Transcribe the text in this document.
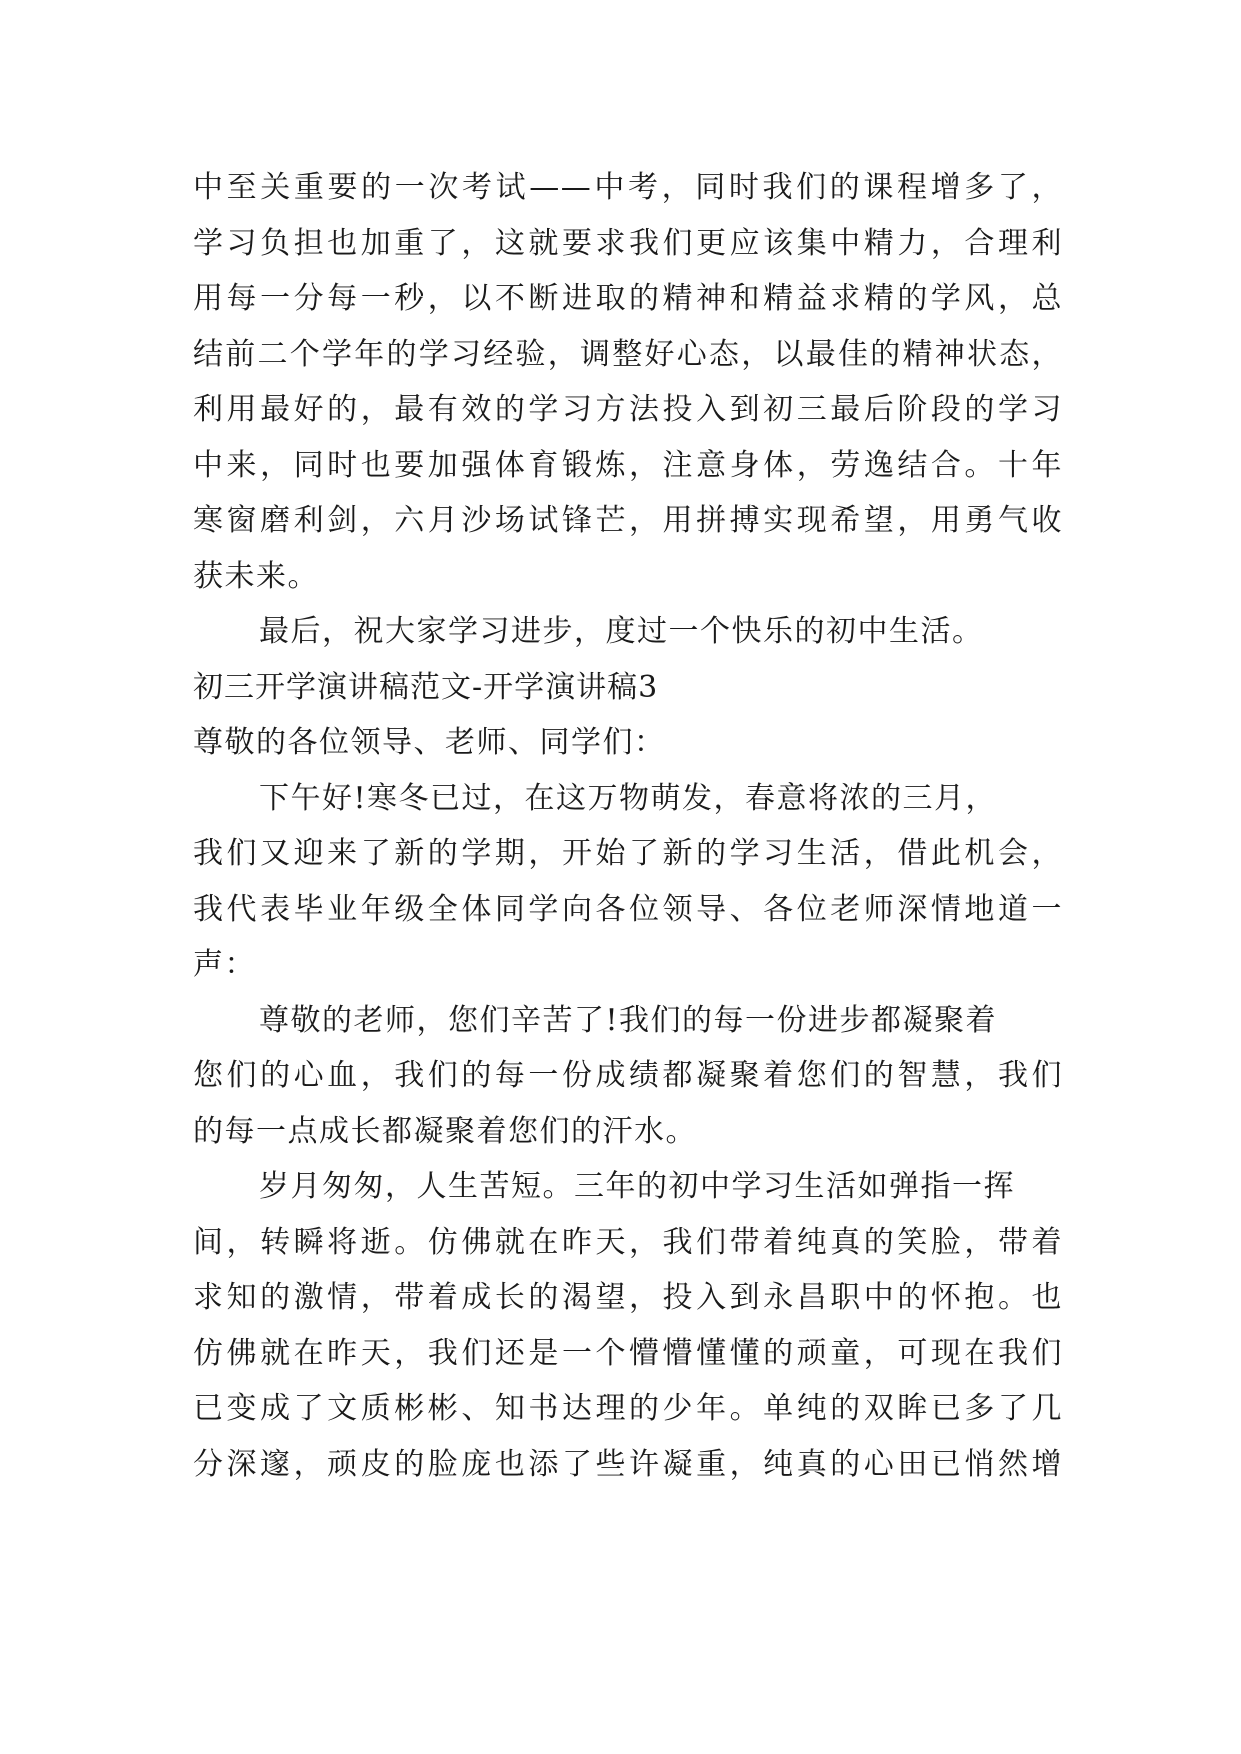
中至关重要的一次考试——中考，同时我们的课程增多了，
学习负担也加重了，这就要求我们更应该集中精力，合理利
用每一分每一秒，以不断进取的精神和精益求精的学风，总
结前二个学年的学习经验，调整好心态，以最佳的精神状态，
利用最好的，最有效的学习方法投入到初三最后阶段的学习
中来，同时也要加强体育锻炼，注意身体，劳逸结合。十年
寒窗磨利剑，六月沙场试锋芒，用拼搏实现希望，用勇气收
获未来。
最后，祝大家学习进步，度过一个快乐的初中生活。
初三开学演讲稿范文-开学演讲稿3
尊敬的各位领导、老师、同学们：
下午好!寒冬已过，在这万物萌发，春意将浓的三月，
我们又迎来了新的学期，开始了新的学习生活，借此机会，
我代表毕业年级全体同学向各位领导、各位老师深情地道一
声：
尊敬的老师，您们辛苦了!我们的每一份进步都凝聚着
您们的心血，我们的每一份成绩都凝聚着您们的智慧，我们
的每一点成长都凝聚着您们的汗水。
岁月匆匆，人生苦短。三年的初中学习生活如弹指一挥
间，转瞬将逝。仿佛就在昨天，我们带着纯真的笑脸，带着
求知的激情，带着成长的渴望，投入到永昌职中的怀抱。也
仿佛就在昨天，我们还是一个懵懵懂懂的顽童，可现在我们
已变成了文质彬彬、知书达理的少年。单纯的双眸已多了几
分深邃，顽皮的脸庞也添了些许凝重，纯真的心田已悄然增
